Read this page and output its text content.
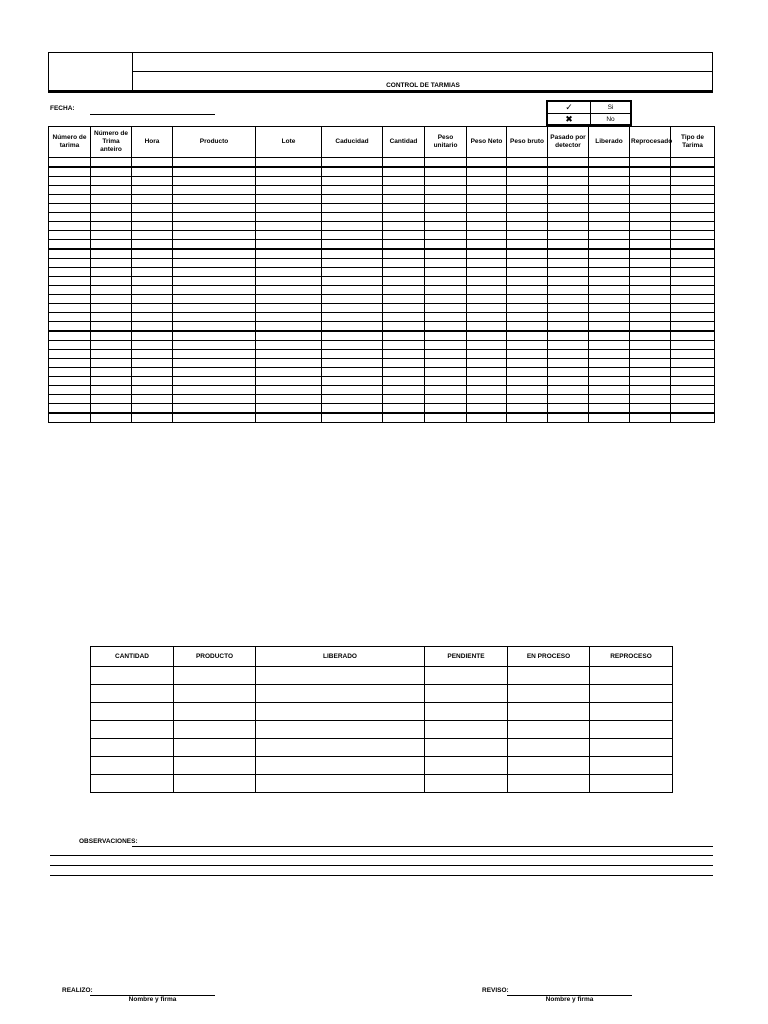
CONTROL DE TARMIAS
FECHA:	✓	Si
✖	No
Número de tarima	Número de Trima anteiro	Hora	Producto	Lote	Caducidad	Cantidad	Peso unitario	Peso Neto	Peso bruto	Pasado por detector	Liberado	Reprocesado	Tipo de Tarima

CANTIDAD	PRODUCTO	LIBERADO	PENDIENTE	EN PROCESO	REPROCESO

OBSERVACIONES:
REALIZO:
Nombre y firma
REVISO:
Nombre y firma
